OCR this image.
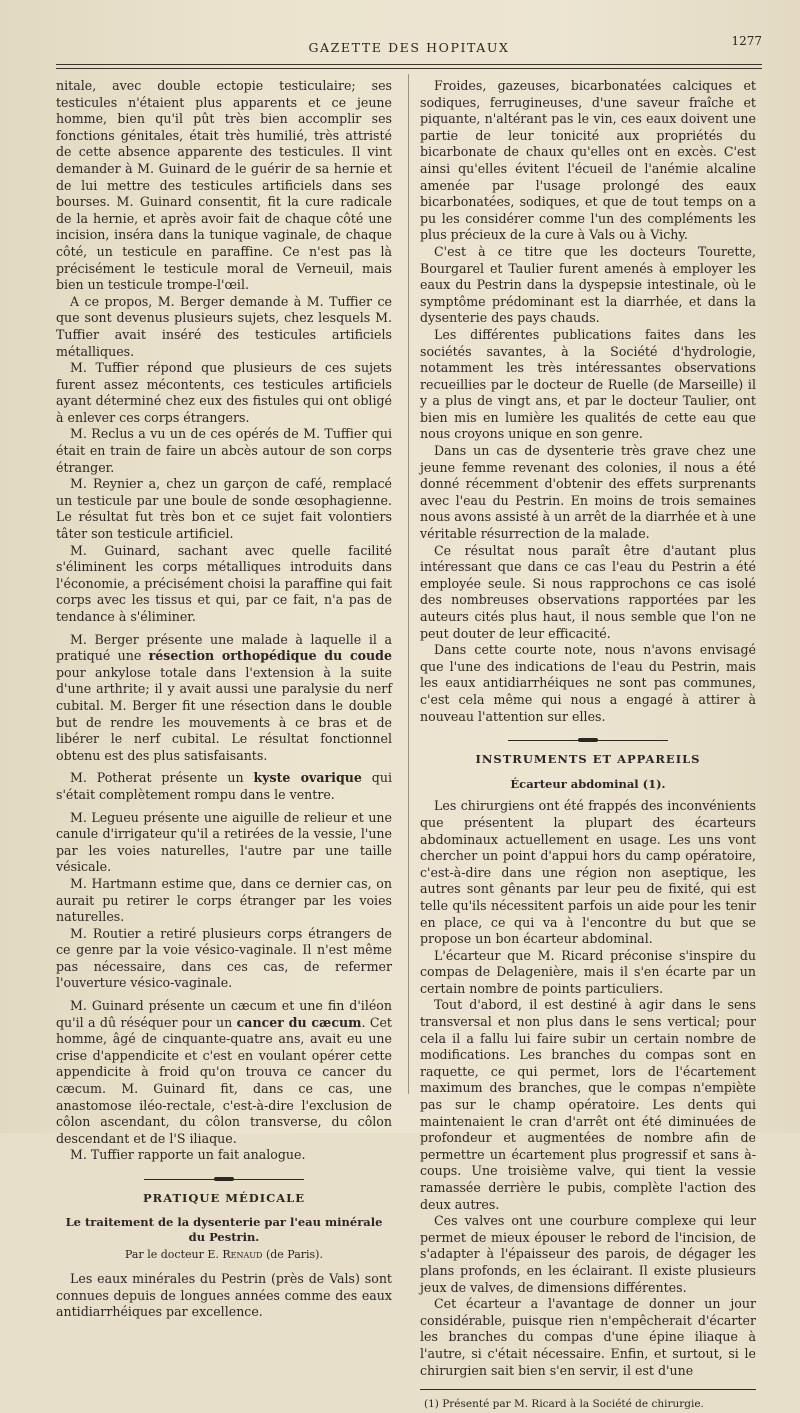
GAZETTE DES HOPITAUX	1277

nitale, avec double ectopie testiculaire; ses testicules n'étaient plus apparents et ce jeune homme, bien qu'il pût très bien accomplir ses fonctions génitales, était très humilié, très attristé de cette absence apparente des testicules. Il vint demander à M. Guinard de le guérir de sa hernie et de lui mettre des testicules artificiels dans ses bourses. M. Guinard consentit, fit la cure radicale de la hernie, et après avoir fait de chaque côté une incision, inséra dans la tunique vaginale, de chaque côté, un testicule en paraffine. Ce n'est pas là précisément le testicule moral de Verneuil, mais bien un testicule trompe-l'œil.

A ce propos, M. Berger demande à M. Tuffier ce que sont devenus plusieurs sujets, chez lesquels M. Tuffier avait inséré des testicules artificiels métalliques.

M. Tuffier répond que plusieurs de ces sujets furent assez mécontents, ces testicules artificiels ayant déterminé chez eux des fistules qui ont obligé à enlever ces corps étrangers.

M. Reclus a vu un de ces opérés de M. Tuffier qui était en train de faire un abcès autour de son corps étranger.

M. Reynier a, chez un garçon de café, remplacé un testicule par une boule de sonde œsophagienne. Le résultat fut très bon et ce sujet fait volontiers tâter son testicule artificiel.

M. Guinard, sachant avec quelle facilité s'éliminent les corps métalliques introduits dans l'économie, a précisément choisi la paraffine qui fait corps avec les tissus et qui, par ce fait, n'a pas de tendance à s'éliminer.

M. Berger présente une malade à laquelle il a pratiqué une résection orthopédique du coude pour ankylose totale dans l'extension à la suite d'une arthrite; il y avait aussi une paralysie du nerf cubital. M. Berger fit une résection dans le double but de rendre les mouvements à ce bras et de libérer le nerf cubital. Le résultat fonctionnel obtenu est des plus satisfaisants.

M. Potherat présente un kyste ovarique qui s'était complètement rompu dans le ventre.

M. Legueu présente une aiguille de relieur et une canule d'irrigateur qu'il a retirées de la vessie, l'une par les voies naturelles, l'autre par une taille vésicale.

M. Hartmann estime que, dans ce dernier cas, on aurait pu retirer le corps étranger par les voies naturelles.

M. Routier a retiré plusieurs corps étrangers de ce genre par la voie vésico-vaginale. Il n'est même pas nécessaire, dans ces cas, de refermer l'ouverture vésico-vaginale.

M. Guinard présente un cæcum et une fin d'iléon qu'il a dû réséquer pour un cancer du cæcum. Cet homme, âgé de cinquante-quatre ans, avait eu une crise d'appendicite et c'est en voulant opérer cette appendicite à froid qu'on trouva ce cancer du cæcum. M. Guinard fit, dans ce cas, une anastomose iléo-rectale, c'est-à-dire l'exclusion de côlon ascendant, du côlon transverse, du côlon descendant et de l'S iliaque.

M. Tuffier rapporte un fait analogue.

PRATIQUE MÉDICALE
Le traitement de la dysenterie par l'eau minérale du Pestrin.
Par le docteur E. Renaud (de Paris).

Les eaux minérales du Pestrin (près de Vals) sont connues depuis de longues années comme des eaux antidiarrhéiques par excellence.

Froides, gazeuses, bicarbonatées calciques et sodiques, ferrugineuses, d'une saveur fraîche et piquante, n'altérant pas le vin, ces eaux doivent une partie de leur tonicité aux propriétés du bicarbonate de chaux qu'elles ont en excès. C'est ainsi qu'elles évitent l'écueil de l'anémie alcaline amenée par l'usage prolongé des eaux bicarbonatées, sodiques, et que de tout temps on a pu les considérer comme l'un des compléments les plus précieux de la cure à Vals ou à Vichy.

C'est à ce titre que les docteurs Tourette, Bourgarel et Taulier furent amenés à employer les eaux du Pestrin dans la dyspepsie intestinale, où le symptôme prédominant est la diarrhée, et dans la dysenterie des pays chauds.

Les différentes publications faites dans les sociétés savantes, à la Société d'hydrologie, notamment les très intéressantes observations recueillies par le docteur de Ruelle (de Marseille) il y a plus de vingt ans, et par le docteur Taulier, ont bien mis en lumière les qualités de cette eau que nous croyons unique en son genre.

Dans un cas de dysenterie très grave chez une jeune femme revenant des colonies, il nous a été donné récemment d'obtenir des effets surprenants avec l'eau du Pestrin. En moins de trois semaines nous avons assisté à un arrêt de la diarrhée et à une véritable résurrection de la malade.

Ce résultat nous paraît être d'autant plus intéressant que dans ce cas l'eau du Pestrin a été employée seule. Si nous rapprochons ce cas isolé des nombreuses observations rapportées par les auteurs cités plus haut, il nous semble que l'on ne peut douter de leur efficacité.

Dans cette courte note, nous n'avons envisagé que l'une des indications de l'eau du Pestrin, mais les eaux antidiarrhéiques ne sont pas communes, c'est cela même qui nous a engagé à attirer à nouveau l'attention sur elles.

INSTRUMENTS ET APPAREILS
Écarteur abdominal (1).

Les chirurgiens ont été frappés des inconvénients que présentent la plupart des écarteurs abdominaux actuellement en usage. Les uns vont chercher un point d'appui hors du camp opératoire, c'est-à-dire dans une région non aseptique, les autres sont gênants par leur peu de fixité, qui est telle qu'ils nécessitent parfois un aide pour les tenir en place, ce qui va à l'encontre du but que se propose un bon écarteur abdominal.

L'écarteur que M. Ricard préconise s'inspire du compas de Delagenière, mais il s'en écarte par un certain nombre de points particuliers.

Tout d'abord, il est destiné à agir dans le sens transversal et non plus dans le sens vertical; pour cela il a fallu lui faire subir un certain nombre de modifications. Les branches du compas sont en raquette, ce qui permet, lors de l'écartement maximum des branches, que le compas n'empiète pas sur le champ opératoire. Les dents qui maintenaient le cran d'arrêt ont été diminuées de profondeur et augmentées de nombre afin de permettre un écartement plus progressif et sans à-coups. Une troisième valve, qui tient la vessie ramassée derrière le pubis, complète l'action des deux autres.

Ces valves ont une courbure complexe qui leur permet de mieux épouser le rebord de l'incision, de s'adapter à l'épaisseur des parois, de dégager les plans profonds, en les éclairant. Il existe plusieurs jeux de valves, de dimensions différentes.

Cet écarteur a l'avantage de donner un jour considérable, puisque rien n'empêcherait d'écarter les branches du compas d'une épine iliaque à l'autre, si c'était nécessaire. Enfin, et surtout, si le chirurgien sait bien s'en servir, il est d'une

(1) Présenté par M. Ricard à la Société de chirurgie.
